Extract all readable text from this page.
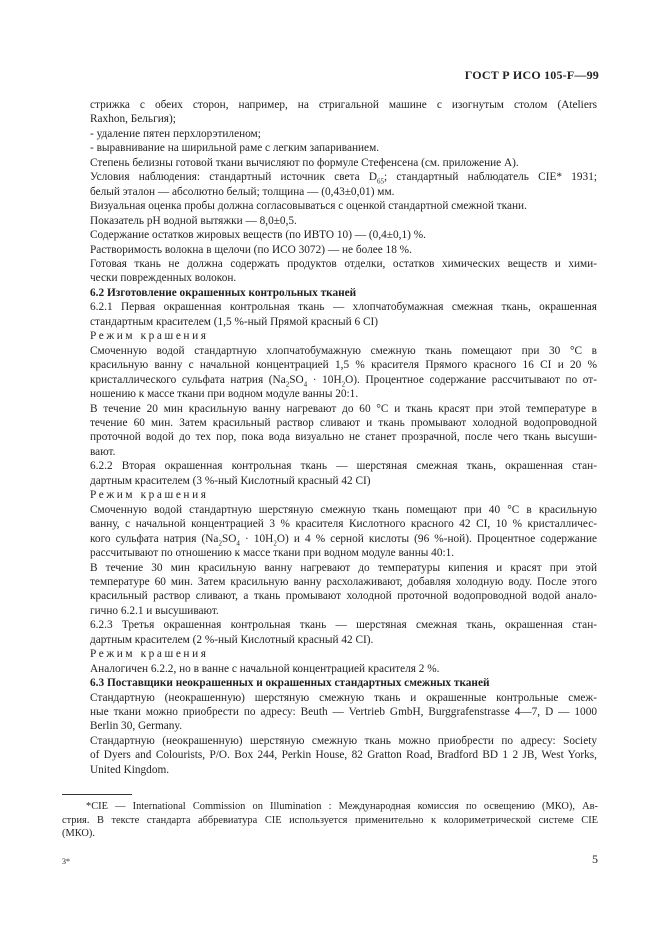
ГОСТ Р ИСО 105-F—99

стрижка с обеих сторон, например, на стригальной машине с изогнутым столом (Ateliers

Raxhon, Бельгия);

- удаление пятен перхлорэтиленом;

- выравнивание на ширильной раме с легким запариванием.

Степень белизны готовой ткани вычисляют по формуле Стефенсена (см. приложение А).

Условия наблюдения: стандартный источник света $D_{65}$; стандартный наблюдатель CIE* 1931;

белый эталон — абсолютно белый; толщина — (0,43±0,01) мм.

Визуальная оценка пробы должна согласовываться с оценкой стандартной смежной ткани.

Показатель pH водной вытяжки — 8,0±0,5.

Содержание остатков жировых веществ (по ИВТО 10) — (0,4±0,1) %.

Растворимость волокна в щелочи (по ИСО 3072) — не более 18 %.

Готовая ткань не должна содержать продуктов отделки, остатков химических веществ и хими-

чески поврежденных волокон.

6.2 Изготовление окрашенных контрольных тканей

6.2.1 Первая окрашенная контрольная ткань — хлопчатобумажная смежная ткань, окрашенная

стандартным красителем (1,5 %-ный Прямой красный 6 CI)

Режим крашения

Смоченную водой стандартную хлопчатобумажную смежную ткань помещают при 30 °С в

красильную ванну с начальной концентрацией 1,5 % красителя Прямого красного 16 CI и 20 %

кристаллического сульфата натрия $(Na_2SO_4 \cdot 10H_2O)$. Процентное содержание рассчитывают по от-

ношению к массе ткани при водном модуле ванны 20:1.

В течение 20 мин красильную ванну нагревают до 60 °С и ткань красят при этой температуре в

течение 60 мин. Затем красильный раствор сливают и ткань промывают холодной водопроводной

проточной водой до тех пор, пока вода визуально не станет прозрачной, после чего ткань высуши-

вают.

6.2.2 Вторая окрашенная контрольная ткань — шерстяная смежная ткань, окрашенная стан-

дартным красителем (3 %-ный Кислотный красный 42 CI)

Режим крашения

Смоченную водой стандартную шерстяную смежную ткань помещают при 40 °С в красильную

ванну, с начальной концентрацией 3 % красителя Кислотного красного 42 CI, 10 % кристалличес-

кого сульфата натрия $(Na_2SO_4 \cdot 10H_2O)$ и 4 % серной кислоты (96 %-ной). Процентное содержание

рассчитывают по отношению к массе ткани при водном модуле ванны 40:1.

В течение 30 мин красильную ванну нагревают до температуры кипения и красят при этой

температуре 60 мин. Затем красильную ванну расхолаживают, добавляя холодную воду. После этого

красильный раствор сливают, а ткань промывают холодной проточной водопроводной водой анало-

гично 6.2.1 и высушивают.

6.2.3 Третья окрашенная контрольная ткань — шерстяная смежная ткань, окрашенная стан-

дартным красителем (2 %-ный Кислотный красный 42 CI).

Режим крашения

Аналогичен 6.2.2, но в ванне с начальной концентрацией красителя 2 %.

6.3 Поставщики неокрашенных и окрашенных стандартных смежных тканей

Стандартную (неокрашенную) шерстяную смежную ткань и окрашенные контрольные смеж-

ные ткани можно приобрести по адресу: Beuth — Vertrieb GmbH, Burggrafenstrasse 4—7, D — 1000

Berlin 30, Germany.

Стандартную (неокрашенную) шерстяную смежную ткань можно приобрести по адресу: Society

of Dyers and Colourists, P/O. Box 244, Perkin House, 82 Gratton Road, Bradford BD 1 2 JB, West Yorks,

United Kingdom.

*CIE — International Commission on Illumination : Международная комиссия по освещению (МКО), Ав-

стрия. В тексте стандарта аббревиатура CIE используется применительно к колориметрической системе CIE

(МКО).

3*	5
